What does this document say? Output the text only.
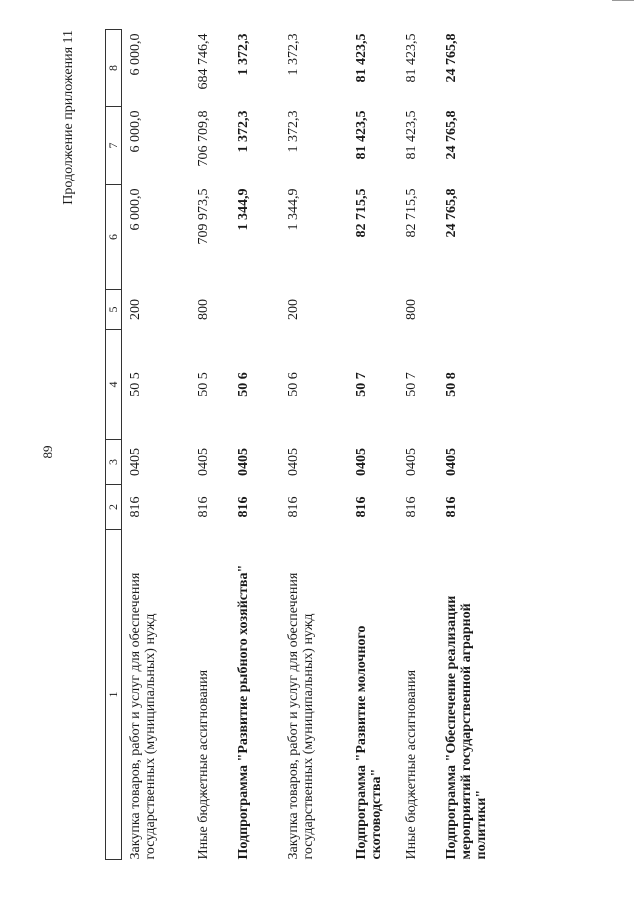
89
Продолжение приложения 11
1	2	3	4	5	6	7	8
Закупка товаров, работ и услуг для обеспечения государственных (муниципальных) нужд	816	0405	50 5	200	6 000,0	6 000,0	6 000,0
Иные бюджетные ассигнования	816	0405	50 5	800	709 973,5	706 709,8	684 746,4
Подпрограмма "Развитие рыбного хозяйства"	816	0405	50 6		1 344,9	1 372,3	1 372,3
Закупка товаров, работ и услуг для обеспечения государственных (муниципальных) нужд	816	0405	50 6	200	1 344,9	1 372,3	1 372,3
Подпрограмма "Развитие молочного скотоводства"	816	0405	50 7		82 715,5	81 423,5	81 423,5
Иные бюджетные ассигнования	816	0405	50 7	800	82 715,5	81 423,5	81 423,5
Подпрограмма "Обеспечение реализации мероприятий государственной аграрной политики"	816	0405	50 8		24 765,8	24 765,8	24 765,8
